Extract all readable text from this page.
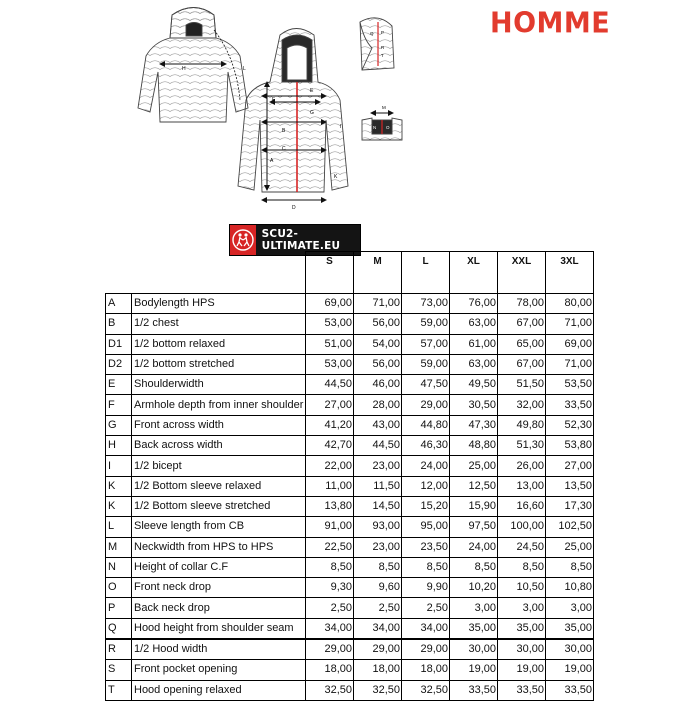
H	L
E
F
G
B
C
A
D
I
K
Q P
R
T
M
N O
HOMME
SCU2-ULTIMATE.EU
		S	M	L	XL	XXL	3XL
A	Bodylength HPS	69,00	71,00	73,00	76,00	78,00	80,00
B	1/2 chest	53,00	56,00	59,00	63,00	67,00	71,00
D1	1/2 bottom relaxed	51,00	54,00	57,00	61,00	65,00	69,00
D2	1/2 bottom stretched	53,00	56,00	59,00	63,00	67,00	71,00
E	Shoulderwidth	44,50	46,00	47,50	49,50	51,50	53,50
F	Armhole depth from inner shoulder	27,00	28,00	29,00	30,50	32,00	33,50
G	Front across width	41,20	43,00	44,80	47,30	49,80	52,30
H	Back across width	42,70	44,50	46,30	48,80	51,30	53,80
I	1/2 bicept	22,00	23,00	24,00	25,00	26,00	27,00
K	1/2 Bottom sleeve relaxed	11,00	11,50	12,00	12,50	13,00	13,50
K	1/2 Bottom sleeve stretched	13,80	14,50	15,20	15,90	16,60	17,30
L	Sleeve length from CB	91,00	93,00	95,00	97,50	100,00	102,50
M	Neckwidth from HPS to HPS	22,50	23,00	23,50	24,00	24,50	25,00
N	Height of collar C.F	8,50	8,50	8,50	8,50	8,50	8,50
O	Front neck drop	9,30	9,60	9,90	10,20	10,50	10,80
P	Back neck drop	2,50	2,50	2,50	3,00	3,00	3,00
Q	Hood height from shoulder seam	34,00	34,00	34,00	35,00	35,00	35,00
R	1/2 Hood width	29,00	29,00	29,00	30,00	30,00	30,00
S	Front pocket opening	18,00	18,00	18,00	19,00	19,00	19,00
T	Hood opening relaxed	32,50	32,50	32,50	33,50	33,50	33,50
